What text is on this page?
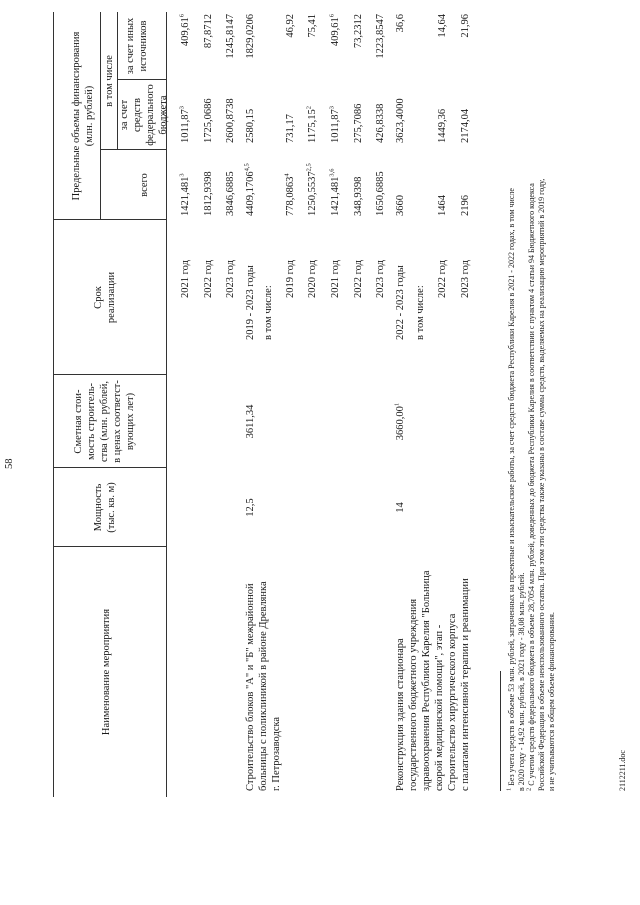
58
Наименование мероприятия
Мощность (тыс. кв. м)
Сметная стои- мость строитель- ства (млн. рублей, в ценах соответст- вующих лет)
Срок реализации
Предельные объемы финансирования (млн. рублей)
всего
в том числе
за счет средств федерального бюджета
за счет иных источников
2021 год
1421,481$^3$
1011,87$^3$
409,61$^6$
2022 год
1812,9398
1725,0686
87,8712
2023 год
3846,6885
2600,8738
1245,8147
Строительство блоков "А" и "Б" межрайонной больницы с поликлиникой в районе Древлянка г. Петрозаводска
12,5
3611,34
2019 - 2023 годы
4409,1706$^{4,5}$
2580,15
1829,0206
в том числе:
2019 год
778,0863$^4$
731,17
46,92
2020 год
1250,5537$^{2,5}$
1175,15$^2$
75,41
2021 год
1421,481$^{3,6}$
1011,87$^3$
409,61$^6$
2022 год
348,9398
275,7086
73,2312
2023 год
1650,6885
426,8338
1223,8547
Реконструкция здания стационара государственного бюджетного учреждения здравоохранения Республики Карелия "Больница скорой медицинской помощи", этап - Строительство хирургического корпуса с палатами интенсивной терапии и реанимации
14
3660,00$^1$
2022 - 2023 годы
3660
3623,4000
36,6
в том числе:
2022 год
1464
1449,36
14,64
2023 год
2196
2174,04
21,96
$^1$ Без учета средств в объеме 53 млн. рублей, затраченных на проектные и изыскательские работы, за счет средств бюджета Республики Карелия в 2021 - 2022 годах, в том числе в 2020 году - 14,92 млн. рублей, в 2021 году - 38,08 млн. рублей. $^2$ С учетом средств федерального бюджета в объеме 28,7054 млн. рублей, доведенных до бюджета Республики Карелия в соответствии с пунктом 4 статьи 94 Бюджетного кодекса Российской Федерации в объеме неиспользованного остатка. При этом эти средства также указаны в составе суммы средств, выделяемых на реализацию мероприятий в 2019 году, и не учитываются в общем объеме финансирования.	2112211.doc
